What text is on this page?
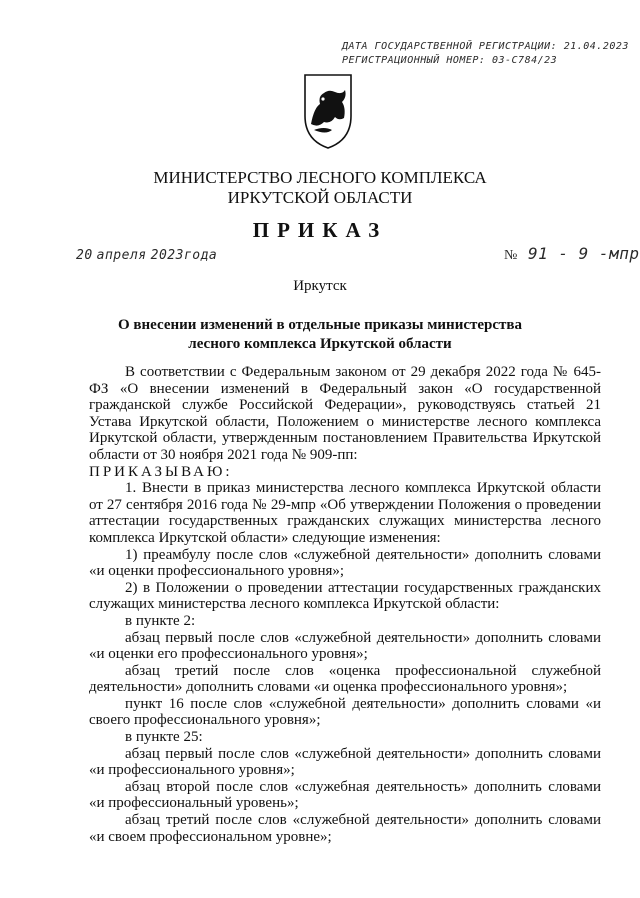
ДАТА ГОСУДАРСТВЕННОЙ РЕГИСТРАЦИИ: 21.04.2023
РЕГИСТРАЦИОННЫЙ НОМЕР: 03-С784/23
МИНИСТЕРСТВО ЛЕСНОГО КОМПЛЕКСА
ИРКУТСКОЙ ОБЛАСТИ
ПРИКАЗ
20 апреля 2023года	№ 91 - 9 -мпр
Иркутск
О внесении изменений в отдельные приказы министерства лесного комплекса Иркутской области

В соответствии с Федеральным законом от 29 декабря 2022 года № 645-ФЗ «О внесении изменений в Федеральный закон «О государственной гражданской службе Российской Федерации», руководствуясь статьей 21 Устава Иркутской области, Положением о министерстве лесного комплекса Иркутской области, утвержденным постановлением Правительства Иркутской области от 30 ноября 2021 года № 909-пп:

ПРИКАЗЫВАЮ:

1. Внести в приказ министерства лесного комплекса Иркутской области от 27 сентября 2016 года № 29-мпр «Об утверждении Положения о проведении аттестации государственных гражданских служащих министерства лесного комплекса Иркутской области» следующие изменения:

1) преамбулу после слов «служебной деятельности» дополнить словами «и оценки профессионального уровня»;

2) в Положении о проведении аттестации государственных гражданских служащих министерства лесного комплекса Иркутской области:

в пункте 2:

абзац первый после слов «служебной деятельности» дополнить словами «и оценки его профессионального уровня»;

абзац третий после слов «оценка профессиональной служебной деятельности» дополнить словами «и оценка профессионального уровня»;

пункт 16 после слов «служебной деятельности» дополнить словами «и своего профессионального уровня»;

в пункте 25:

абзац первый после слов «служебной деятельности» дополнить словами «и профессионального уровня»;

абзац второй после слов «служебная деятельность» дополнить словами «и профессиональный уровень»;

абзац третий после слов «служебной деятельности» дополнить словами «и своем профессиональном уровне»;
